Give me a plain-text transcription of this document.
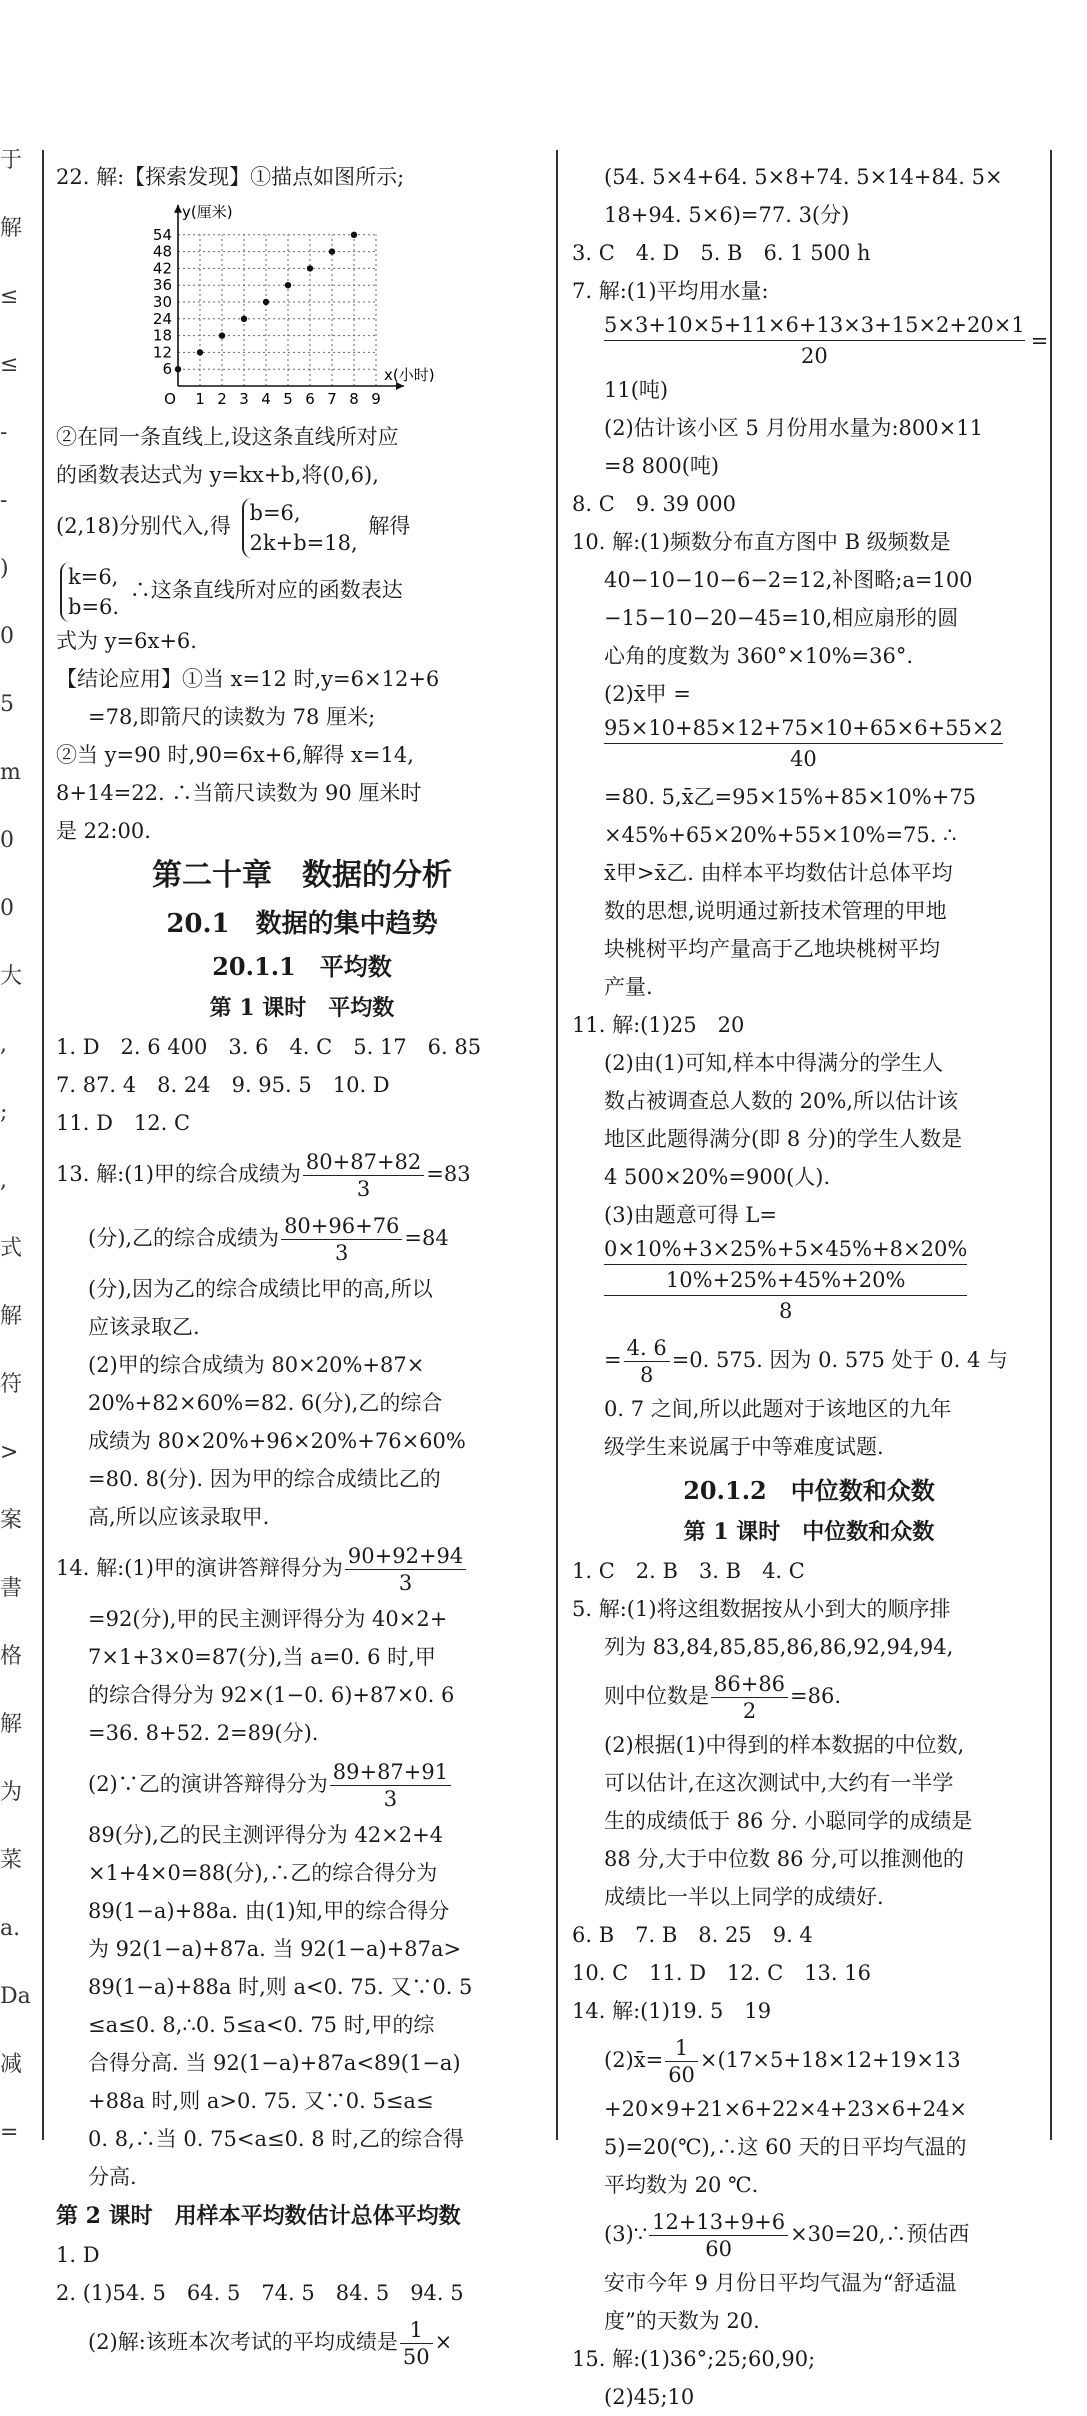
于
解
≤
≤
-
-
)
0
5
m
0
0
大
,
;
,
式
解
符
>
案
書
格
解
为
菜
a.
Da
减
=

22. 解:【探索发现】①描点如图所示;

54
48
42
36
30
24
18
12
6
O 1 2 3 4 5 6 7 8 9
y(厘米)
x(小时)

②在同一条直线上,设这条直线所对应

的函数表达式为 y=kx+b,将(0,6),

(2,18)分别代入,得
b=6,
2k+b=18,
解得

k=6,
b=6.
∴这条直线所对应的函数表达

式为 y=6x+6.

【结论应用】①当 x=12 时,y=6×12+6

=78,即箭尺的读数为 78 厘米;

②当 y=90 时,90=6x+6,解得 x=14,

8+14=22. ∴当箭尺读数为 90 厘米时

是 22:00.

第二十章　数据的分析

20.1　数据的集中趋势

20.1.1　平均数

第 1 课时　平均数

1. D　2. 6 400　3. 6　4. C　5. 17　6. 85

7. 87. 4　8. 24　9. 95. 5　10. D

11. D　12. C

13. 解:(1)甲的综合成绩为 $\frac{80+87+82}{3} =83$

(分),乙的综合成绩为 $\frac{80+96+76}{3} =84$

(分),因为乙的综合成绩比甲的高,所以

应该录取乙.

(2)甲的综合成绩为 80×20%+87×

20%+82×60%=82. 6(分),乙的综合

成绩为 80×20%+96×20%+76×60%

=80. 8(分). 因为甲的综合成绩比乙的

高,所以应该录取甲.

14. 解:(1)甲的演讲答辩得分为 $\frac{90+92+94}{3}$

=92(分),甲的民主测评得分为 40×2+

7×1+3×0=87(分),当 a=0. 6 时,甲

的综合得分为 92×(1−0. 6)+87×0. 6

=36. 8+52. 2=89(分).

(2)∵乙的演讲答辩得分为 $\frac{89+87+91}{3}$

89(分),乙的民主测评得分为 42×2+4

×1+4×0=88(分),∴乙的综合得分为

89(1−a)+88a. 由(1)知,甲的综合得分

为 92(1−a)+87a. 当 92(1−a)+87a>

89(1−a)+88a 时,则 a<0. 75. 又∵0. 5

≤a≤0. 8,∴0. 5≤a<0. 75 时,甲的综

合得分高. 当 92(1−a)+87a<89(1−a)

+88a 时,则 a>0. 75. 又∵0. 5≤a≤

0. 8,∴当 0. 75<a≤0. 8 时,乙的综合得

分高.

第 2 课时　用样本平均数估计总体平均数

1. D

2. (1)54. 5　64. 5　74. 5　84. 5　94. 5

(2)解:该班本次考试的平均成绩是 $\frac{1}{50}$ ×

(54. 5×4+64. 5×8+74. 5×14+84. 5×

18+94. 5×6)=77. 3(分)

3. C　4. D　5. B　6. 1 500 h

7. 解:(1)平均用水量:

$\frac{5\times 3+10\times 5+11\times 6+13\times 3+15\times 2+20\times 1}{20}$ =

11(吨)

(2)估计该小区 5 月份用水量为:800×11

=8 800(吨)

8. C　9. 39 000

10. 解:(1)频数分布直方图中 B 级频数是

40−10−10−6−2=12,补图略;a=100

−15−10−20−45=10,相应扇形的圆

心角的度数为 360°×10%=36°.

(2)x̄甲 =

$\frac{95\times 10+85\times 12+75\times 10+65\times 6+55\times 2}{40}$

=80. 5,x̄乙=95×15%+85×10%+75

×45%+65×20%+55×10%=75. ∴

x̄甲>x̄乙. 由样本平均数估计总体平均

数的思想,说明通过新技术管理的甲地

块桃树平均产量高于乙地块桃树平均

产量.

11. 解:(1)25　20

(2)由(1)可知,样本中得满分的学生人

数占被调查总人数的 20%,所以估计该

地区此题得满分(即 8 分)的学生人数是

4 500×20%=900(人).

(3)由题意可得 L=

0×10%+3×25%+5×45%+8×20%
10%+25%+45%+20%
8

= $\frac{4. 6}{8} =0$. 575. 因为 0. 575 处于 0. 4 与

0. 7 之间,所以此题对于该地区的九年

级学生来说属于中等难度试题.

20.1.2　中位数和众数

第 1 课时　中位数和众数

1. C　2. B　3. B　4. C

5. 解:(1)将这组数据按从小到大的顺序排

列为 83,84,85,85,86,86,92,94,94,

则中位数是 $\frac{86+86}{2} =86$.

(2)根据(1)中得到的样本数据的中位数,

可以估计,在这次测试中,大约有一半学

生的成绩低于 86 分. 小聪同学的成绩是

88 分,大于中位数 86 分,可以推测他的

成绩比一半以上同学的成绩好.

6. B　7. B　8. 25　9. 4

10. C　11. D　12. C　13. 16

14. 解:(1)19. 5　19

(2)x̄= $\frac{1}{60} \times(17\times 5+18\times 12+19\times 13$

+20×9+21×6+22×4+23×6+24×

5)=20(℃),∴这 60 天的日平均气温的

平均数为 20 ℃.

(3)∵ $\frac{12+13+9+6}{60}$ ×30=20,∴预估西

安市今年 9 月份日平均气温为“舒适温

度”的天数为 20.

15. 解:(1)36°;25;60,90;

(2)45;10
